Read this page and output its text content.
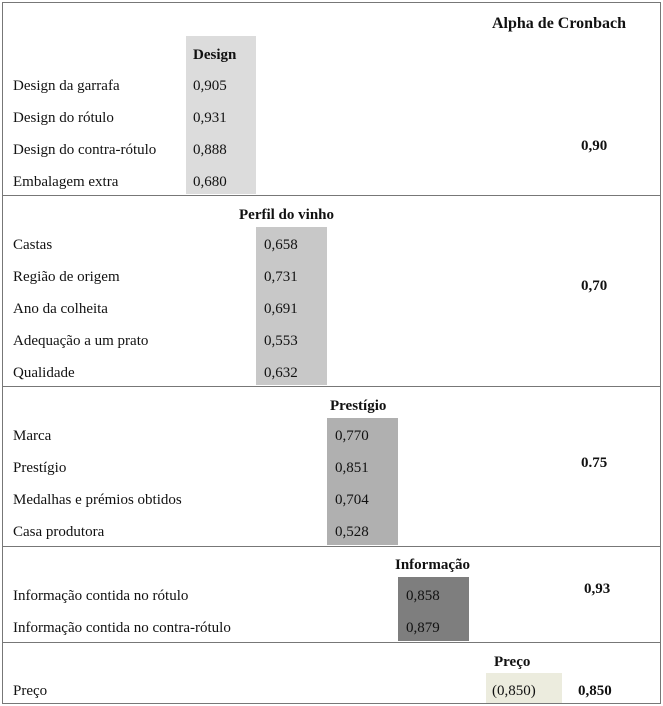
Alpha de Cronbach
Design
Design da garrafa	0,905
Design do rótulo	0,931
Design do contra-rótulo 0,888
Embalagem extra	0,680
0,90
Perfil do vinho
Castas	0,658
Região de origem	0,731
Ano da colheita	0,691
Adequação a um prato	0,553
Qualidade	0,632
0,70
Prestígio
Marca	0,770
Prestígio	0,851
Medalhas e prémios obtidos	0,704
Casa produtora	0,528
0.75
Informação
Informação contida no rótulo	0,858
Informação contida no contra-rótulo	0,879
0,93
Preço
Preço	(0,850)	0,850
